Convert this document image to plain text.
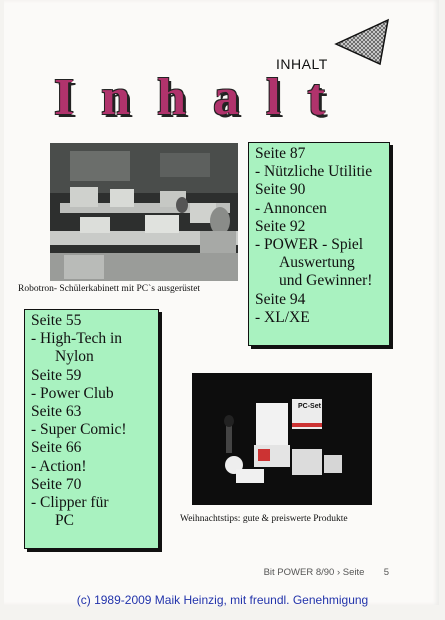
INHALT
Inhalt
Robotron- Schülerkabinett mit PC`s ausgerüstet
Seite 87
- Nützliche Utilitie
Seite 90
- Annoncen
Seite 92
- POWER - Spiel
Auswertung
und Gewinner!
Seite 94
- XL/XE
Seite 55
- High-Tech in
Nylon
Seite 59
- Power Club
Seite 63
- Super Comic!
Seite 66
- Action!
Seite 70
- Clipper für
PC
PC-Set
Weihnachtstips: gute & preiswerte Produkte
Bit POWER 8/90 › Seite 5
(c) 1989-2009 Maik Heinzig, mit freundl. Genehmigung
